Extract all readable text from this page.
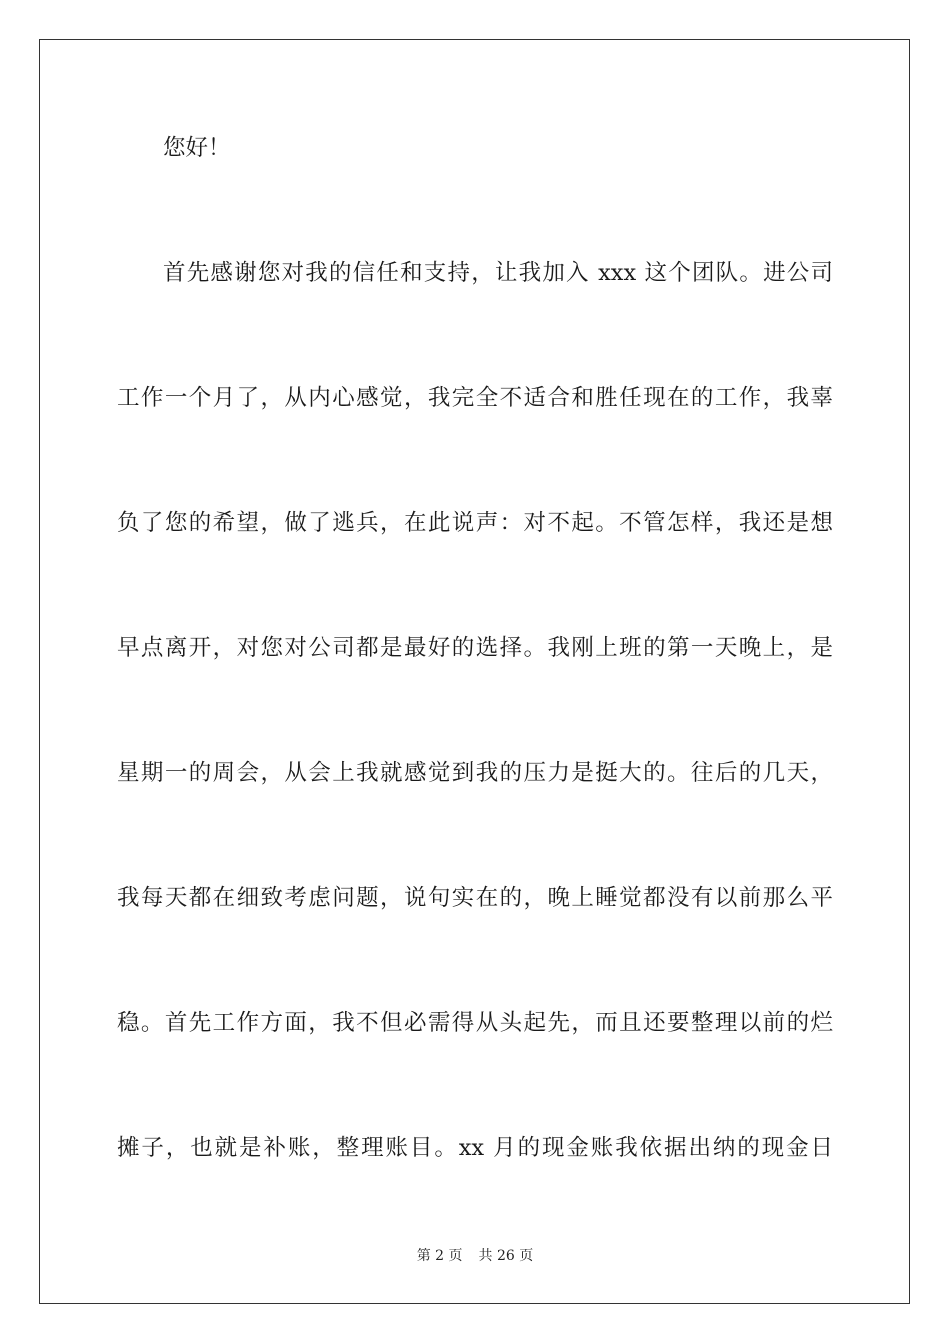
您好！
首先感谢您对我的信任和支持，让我加入 xxx 这个团队。进公司
工作一个月了，从内心感觉，我完全不适合和胜任现在的工作，我辜
负了您的希望，做了逃兵，在此说声：对不起。不管怎样，我还是想
早点离开，对您对公司都是最好的选择。我刚上班的第一天晚上，是
星期一的周会，从会上我就感觉到我的压力是挺大的。往后的几天，
我每天都在细致考虑问题，说句实在的，晚上睡觉都没有以前那么平
稳。首先工作方面，我不但必需得从头起先，而且还要整理以前的烂
摊子，也就是补账，整理账目。xx 月的现金账我依据出纳的现金日
第 2 页 共 26 页
